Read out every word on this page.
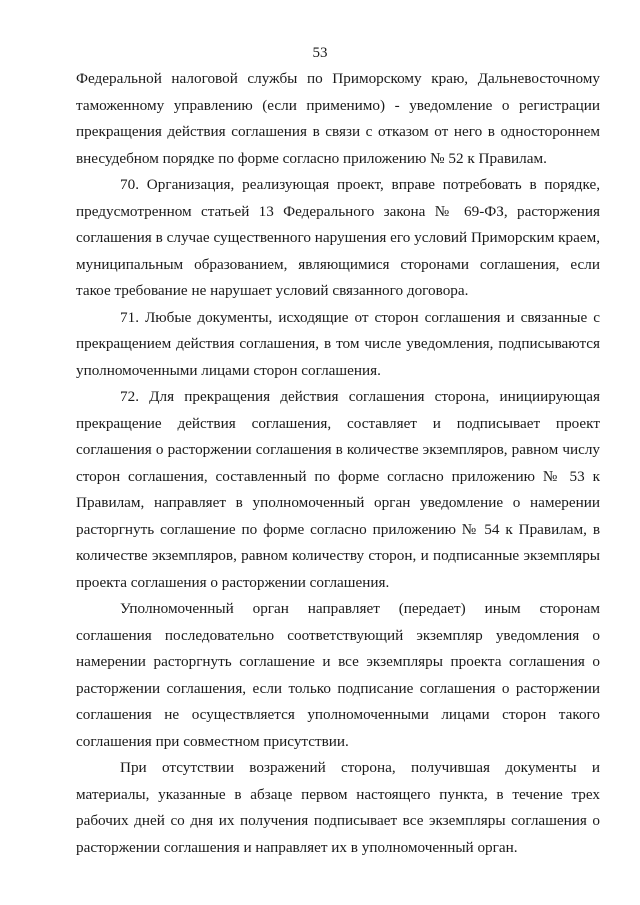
53

Федеральной налоговой службы по Приморскому краю, Дальневосточному таможенному управлению (если применимо) - уведомление о регистрации прекращения действия соглашения в связи с отказом от него в одностороннем внесудебном порядке по форме согласно приложению № 52 к Правилам.

70. Организация, реализующая проект, вправе потребовать в порядке, предусмотренном статьей 13 Федерального закона № 69-ФЗ, расторжения соглашения в случае существенного нарушения его условий Приморским краем, муниципальным образованием, являющимися сторонами соглашения, если такое требование не нарушает условий связанного договора.

71. Любые документы, исходящие от сторон соглашения и связанные с прекращением действия соглашения, в том числе уведомления, подписываются уполномоченными лицами сторон соглашения.

72. Для прекращения действия соглашения сторона, инициирующая прекращение действия соглашения, составляет и подписывает проект соглашения о расторжении соглашения в количестве экземпляров, равном числу сторон соглашения, составленный по форме согласно приложению № 53 к Правилам, направляет в уполномоченный орган уведомление о намерении расторгнуть соглашение по форме согласно приложению № 54 к Правилам, в количестве экземпляров, равном количеству сторон, и подписанные экземпляры проекта соглашения о расторжении соглашения.

Уполномоченный орган направляет (передает) иным сторонам соглашения последовательно соответствующий экземпляр уведомления о намерении расторгнуть соглашение и все экземпляры проекта соглашения о расторжении соглашения, если только подписание соглашения о расторжении соглашения не осуществляется уполномоченными лицами сторон такого соглашения при совместном присутствии.

При отсутствии возражений сторона, получившая документы и материалы, указанные в абзаце первом настоящего пункта, в течение трех рабочих дней со дня их получения подписывает все экземпляры соглашения о расторжении соглашения и направляет их в уполномоченный орган.
